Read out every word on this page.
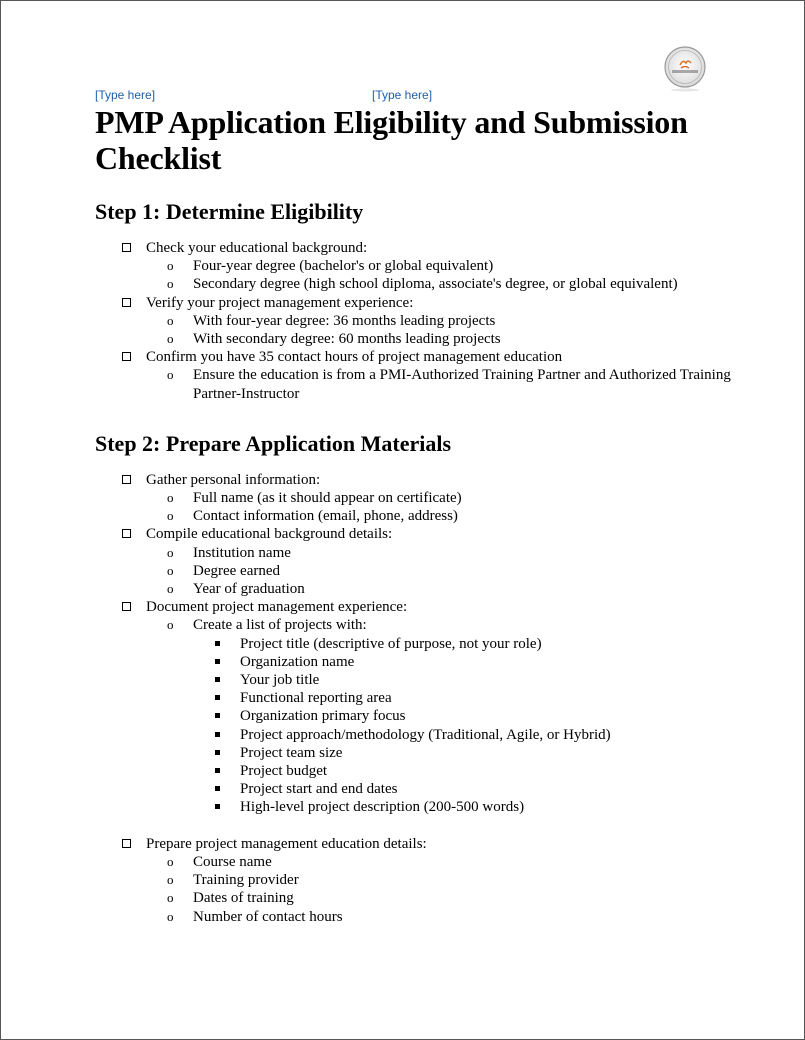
[Type here]	[Type here]
PMP Application Eligibility and Submission Checklist
Step 1: Determine Eligibility
Check your educational background:
o Four-year degree (bachelor's or global equivalent)
o Secondary degree (high school diploma, associate's degree, or global equivalent)
Verify your project management experience:
o With four-year degree: 36 months leading projects
o With secondary degree: 60 months leading projects
Confirm you have 35 contact hours of project management education
o Ensure the education is from a PMI-Authorized Training Partner and Authorized Training Partner-Instructor
Step 2: Prepare Application Materials
Gather personal information:
o Full name (as it should appear on certificate)
o Contact information (email, phone, address)
Compile educational background details:
o Institution name
o Degree earned
o Year of graduation
Document project management experience:
o Create a list of projects with:
Project title (descriptive of purpose, not your role)
Organization name
Your job title
Functional reporting area
Organization primary focus
Project approach/methodology (Traditional, Agile, or Hybrid)
Project team size
Project budget
Project start and end dates
High-level project description (200-500 words)
Prepare project management education details:
o Course name
o Training provider
o Dates of training
o Number of contact hours
